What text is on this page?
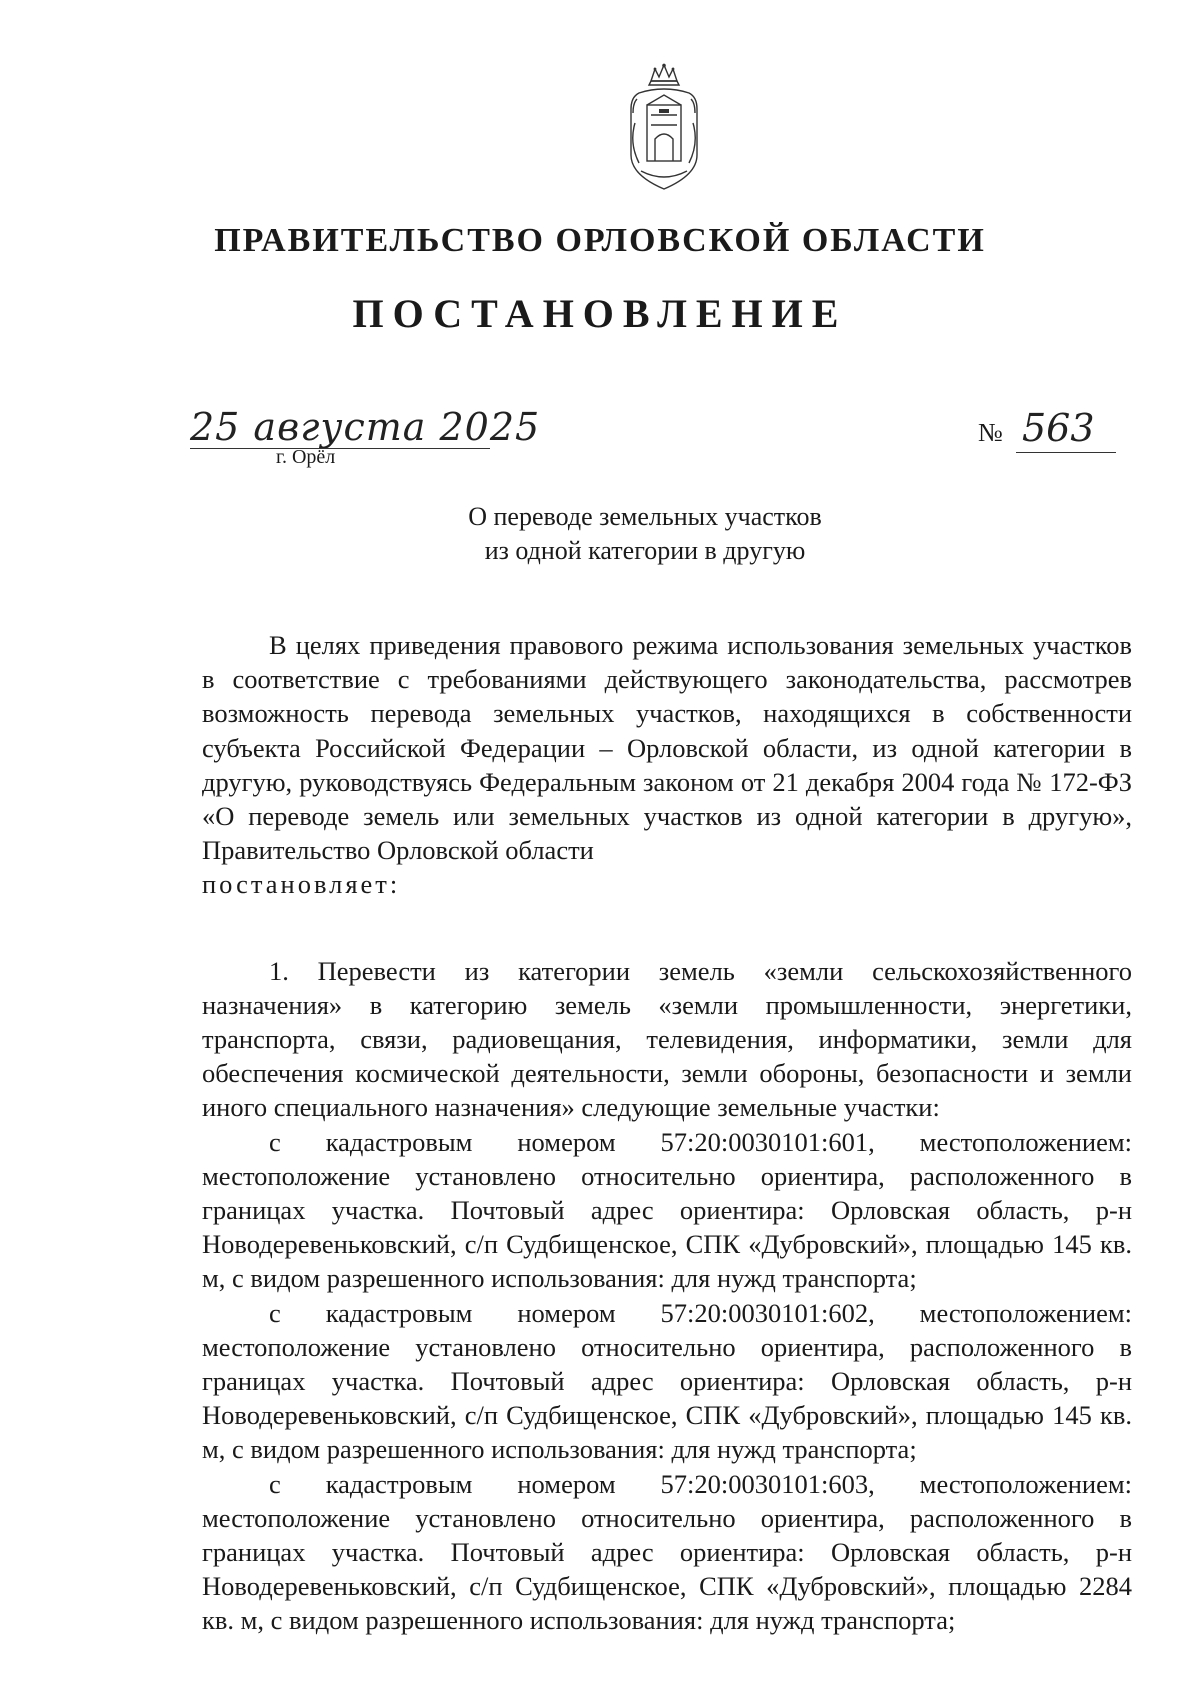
ПРАВИТЕЛЬСТВО ОРЛОВСКОЙ ОБЛАСТИ
ПОСТАНОВЛЕНИЕ
25 августа 2025
г. Орёл
№ 563
О переводе земельных участков
из одной категории в другую

В целях приведения правового режима использования земельных участков в соответствие с требованиями действующего законодательства, рассмотрев возможность перевода земельных участков, находящихся в собственности субъекта Российской Федерации – Орловской области, из одной категории в другую, руководствуясь Федеральным законом от 21 декабря 2004 года № 172-ФЗ «О переводе земель или земельных участков из одной категории в другую», Правительство Орловской области

постановляет:

1. Перевести из категории земель «земли сельскохозяйственного назначения» в категорию земель «земли промышленности, энергетики, транспорта, связи, радиовещания, телевидения, информатики, земли для обеспечения космической деятельности, земли обороны, безопасности и земли иного специального назначения» следующие земельные участки:

с кадастровым номером 57:20:0030101:601, местоположением: местоположение установлено относительно ориентира, расположенного в границах участка. Почтовый адрес ориентира: Орловская область, р-н Новодеревеньковский, с/п Судбищенское, СПК «Дубровский», площадью 145 кв. м, с видом разрешенного использования: для нужд транспорта;

с кадастровым номером 57:20:0030101:602, местоположением: местоположение установлено относительно ориентира, расположенного в границах участка. Почтовый адрес ориентира: Орловская область, р-н Новодеревеньковский, с/п Судбищенское, СПК «Дубровский», площадью 145 кв. м, с видом разрешенного использования: для нужд транспорта;

с кадастровым номером 57:20:0030101:603, местоположением: местоположение установлено относительно ориентира, расположенного в границах участка. Почтовый адрес ориентира: Орловская область, р-н Новодеревеньковский, с/п Судбищенское, СПК «Дубровский», площадью 2284 кв. м, с видом разрешенного использования: для нужд транспорта;
